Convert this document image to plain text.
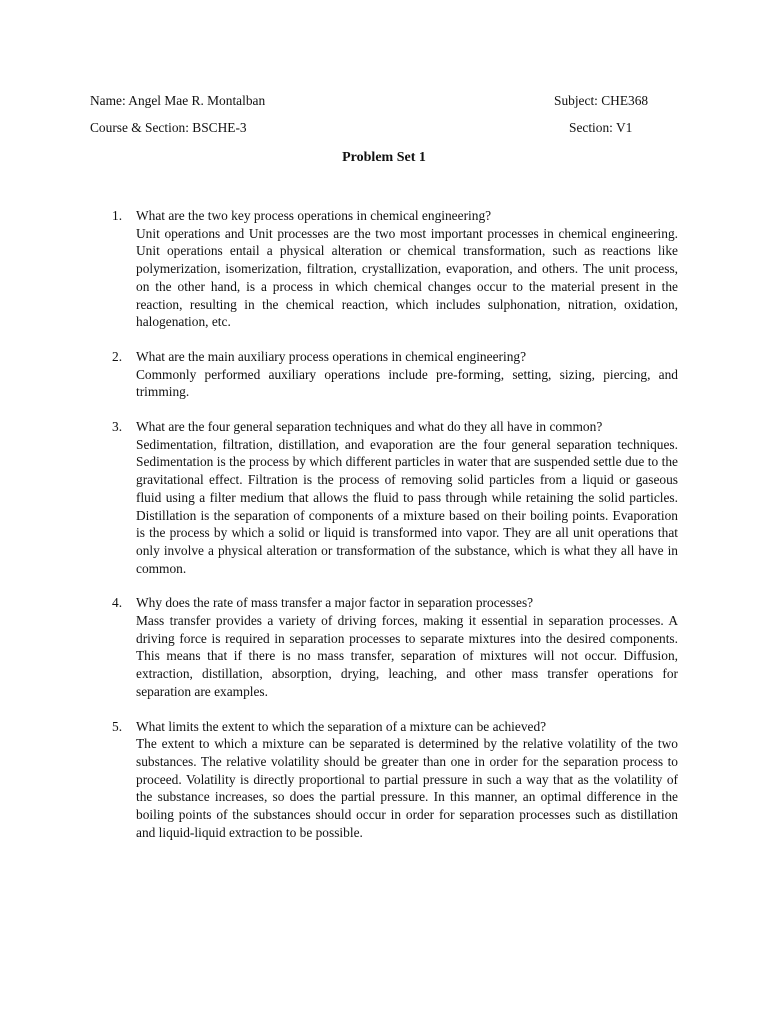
Name: Angel Mae R. Montalban	Subject: CHE368
Course & Section: BSCHE-3	Section: V1
Problem Set 1
1. What are the two key process operations in chemical engineering?
Unit operations and Unit processes are the two most important processes in chemical engineering. Unit operations entail a physical alteration or chemical transformation, such as reactions like polymerization, isomerization, filtration, crystallization, evaporation, and others. The unit process, on the other hand, is a process in which chemical changes occur to the material present in the reaction, resulting in the chemical reaction, which includes sulphonation, nitration, oxidation, halogenation, etc.
2. What are the main auxiliary process operations in chemical engineering?
Commonly performed auxiliary operations include pre-forming, setting, sizing, piercing, and trimming.
3. What are the four general separation techniques and what do they all have in common?
Sedimentation, filtration, distillation, and evaporation are the four general separation techniques. Sedimentation is the process by which different particles in water that are suspended settle due to the gravitational effect. Filtration is the process of removing solid particles from a liquid or gaseous fluid using a filter medium that allows the fluid to pass through while retaining the solid particles. Distillation is the separation of components of a mixture based on their boiling points. Evaporation is the process by which a solid or liquid is transformed into vapor. They are all unit operations that only involve a physical alteration or transformation of the substance, which is what they all have in common.
4. Why does the rate of mass transfer a major factor in separation processes?
Mass transfer provides a variety of driving forces, making it essential in separation processes. A driving force is required in separation processes to separate mixtures into the desired components. This means that if there is no mass transfer, separation of mixtures will not occur. Diffusion, extraction, distillation, absorption, drying, leaching, and other mass transfer operations for separation are examples.
5. What limits the extent to which the separation of a mixture can be achieved?
The extent to which a mixture can be separated is determined by the relative volatility of the two substances. The relative volatility should be greater than one in order for the separation process to proceed. Volatility is directly proportional to partial pressure in such a way that as the volatility of the substance increases, so does the partial pressure. In this manner, an optimal difference in the boiling points of the substances should occur in order for separation processes such as distillation and liquid-liquid extraction to be possible.
